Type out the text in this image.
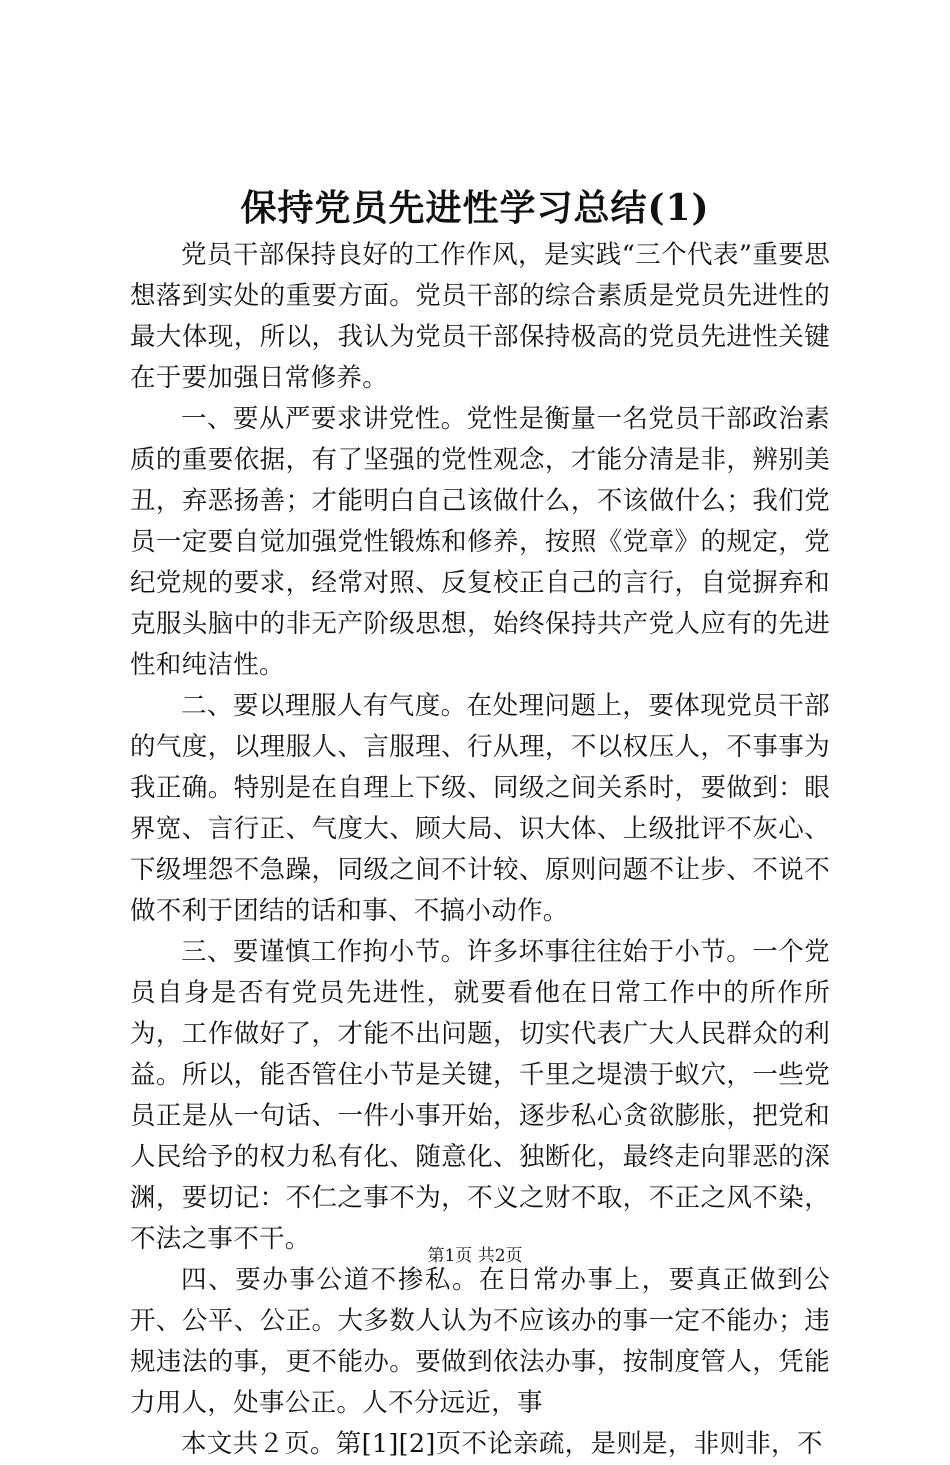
保持党员先进性学习总结(1)

党员干部保持良好的工作作风，是实践“三个代表”重要思想落到实处的重要方面。党员干部的综合素质是党员先进性的最大体现，所以，我认为党员干部保持极高的党员先进性关键在于要加强日常修养。

一、要从严要求讲党性。党性是衡量一名党员干部政治素质的重要依据，有了坚强的党性观念，才能分清是非，辨别美丑，弃恶扬善；才能明白自己该做什么，不该做什么；我们党员一定要自觉加强党性锻炼和修养，按照《党章》的规定，党纪党规的要求，经常对照、反复校正自己的言行，自觉摒弃和克服头脑中的非无产阶级思想，始终保持共产党人应有的先进性和纯洁性。

二、要以理服人有气度。在处理问题上，要体现党员干部的气度，以理服人、言服理、行从理，不以权压人，不事事为我正确。特别是在自理上下级、同级之间关系时，要做到：眼界宽、言行正、气度大、顾大局、识大体、上级批评不灰心、下级埋怨不急躁，同级之间不计较、原则问题不让步、不说不做不利于团结的话和事、不搞小动作。

三、要谨慎工作拘小节。许多坏事往往始于小节。一个党员自身是否有党员先进性，就要看他在日常工作中的所作所为，工作做好了，才能不出问题，切实代表广大人民群众的利益。所以，能否管住小节是关键，千里之堤溃于蚁穴，一些党员正是从一句话、一件小事开始，逐步私心贪欲膨胀，把党和人民给予的权力私有化、随意化、独断化，最终走向罪恶的深渊，要切记：不仁之事不为，不义之财不取，不正之风不染，不法之事不干。

四、要办事公道不掺私。在日常办事上，要真正做到公开、公平、公正。大多数人认为不应该办的事一定不能办；违规违法的事，更不能办。要做到依法办事，按制度管人，凭能力用人，处事公正。人不分远近，事

本文共２页。第[1][2]页不论亲疏，是则是，非则非，不

第1页 共2页
